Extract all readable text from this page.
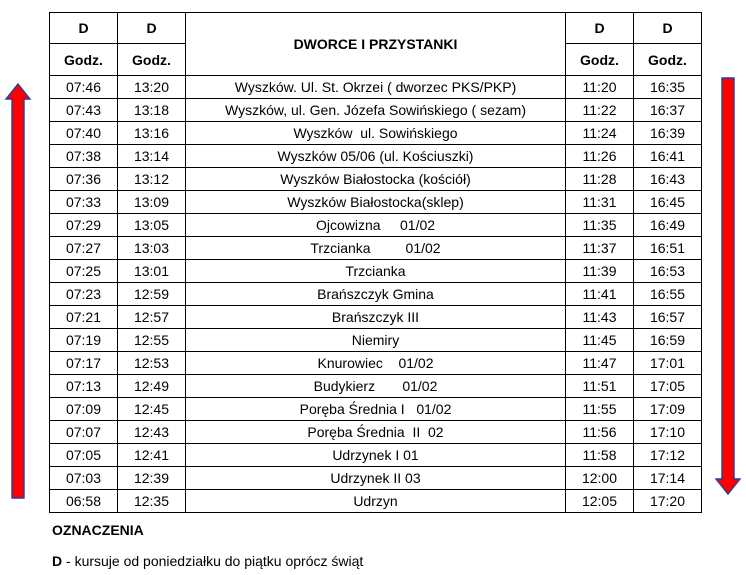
D	D	DWORCE I PRZYSTANKI	D	D
Godz.	Godz.		Godz.	Godz.
07:46	13:20	Wyszków. Ul. St. Okrzei ( dworzec PKS/PKP)	11:20	16:35
07:43	13:18	Wyszków, ul. Gen. Józefa Sowińskiego ( sezam)	11:22	16:37
07:40	13:16	Wyszków  ul. Sowińskiego	11:24	16:39
07:38	13:14	Wyszków 05/06 (ul. Kościuszki)	11:26	16:41
07:36	13:12	Wyszków Białostocka (kościół)	11:28	16:43
07:33	13:09	Wyszków Białostocka(sklep)	11:31	16:45
07:29	13:05	Ojcowizna     01/02	11:35	16:49
07:27	13:03	Trzcianka         01/02	11:37	16:51
07:25	13:01	Trzcianka	11:39	16:53
07:23	12:59	Brańszczyk Gmina	11:41	16:55
07:21	12:57	Brańszczyk III	11:43	16:57
07:19	12:55	Niemiry	11:45	16:59
07:17	12:53	Knurowiec    01/02	11:47	17:01
07:13	12:49	Budykierz       01/02	11:51	17:05
07:09	12:45	Poręba Średnia I   01/02	11:55	17:09
07:07	12:43	Poręba Średnia  II  02	11:56	17:10
07:05	12:41	Udrzynek I 01	11:58	17:12
07:03	12:39	Udrzynek II 03	12:00	17:14
06:58	12:35	Udrzyn	12:05	17:20
OZNACZENIA
D - kursuje od poniedziałku do piątku oprócz świąt
